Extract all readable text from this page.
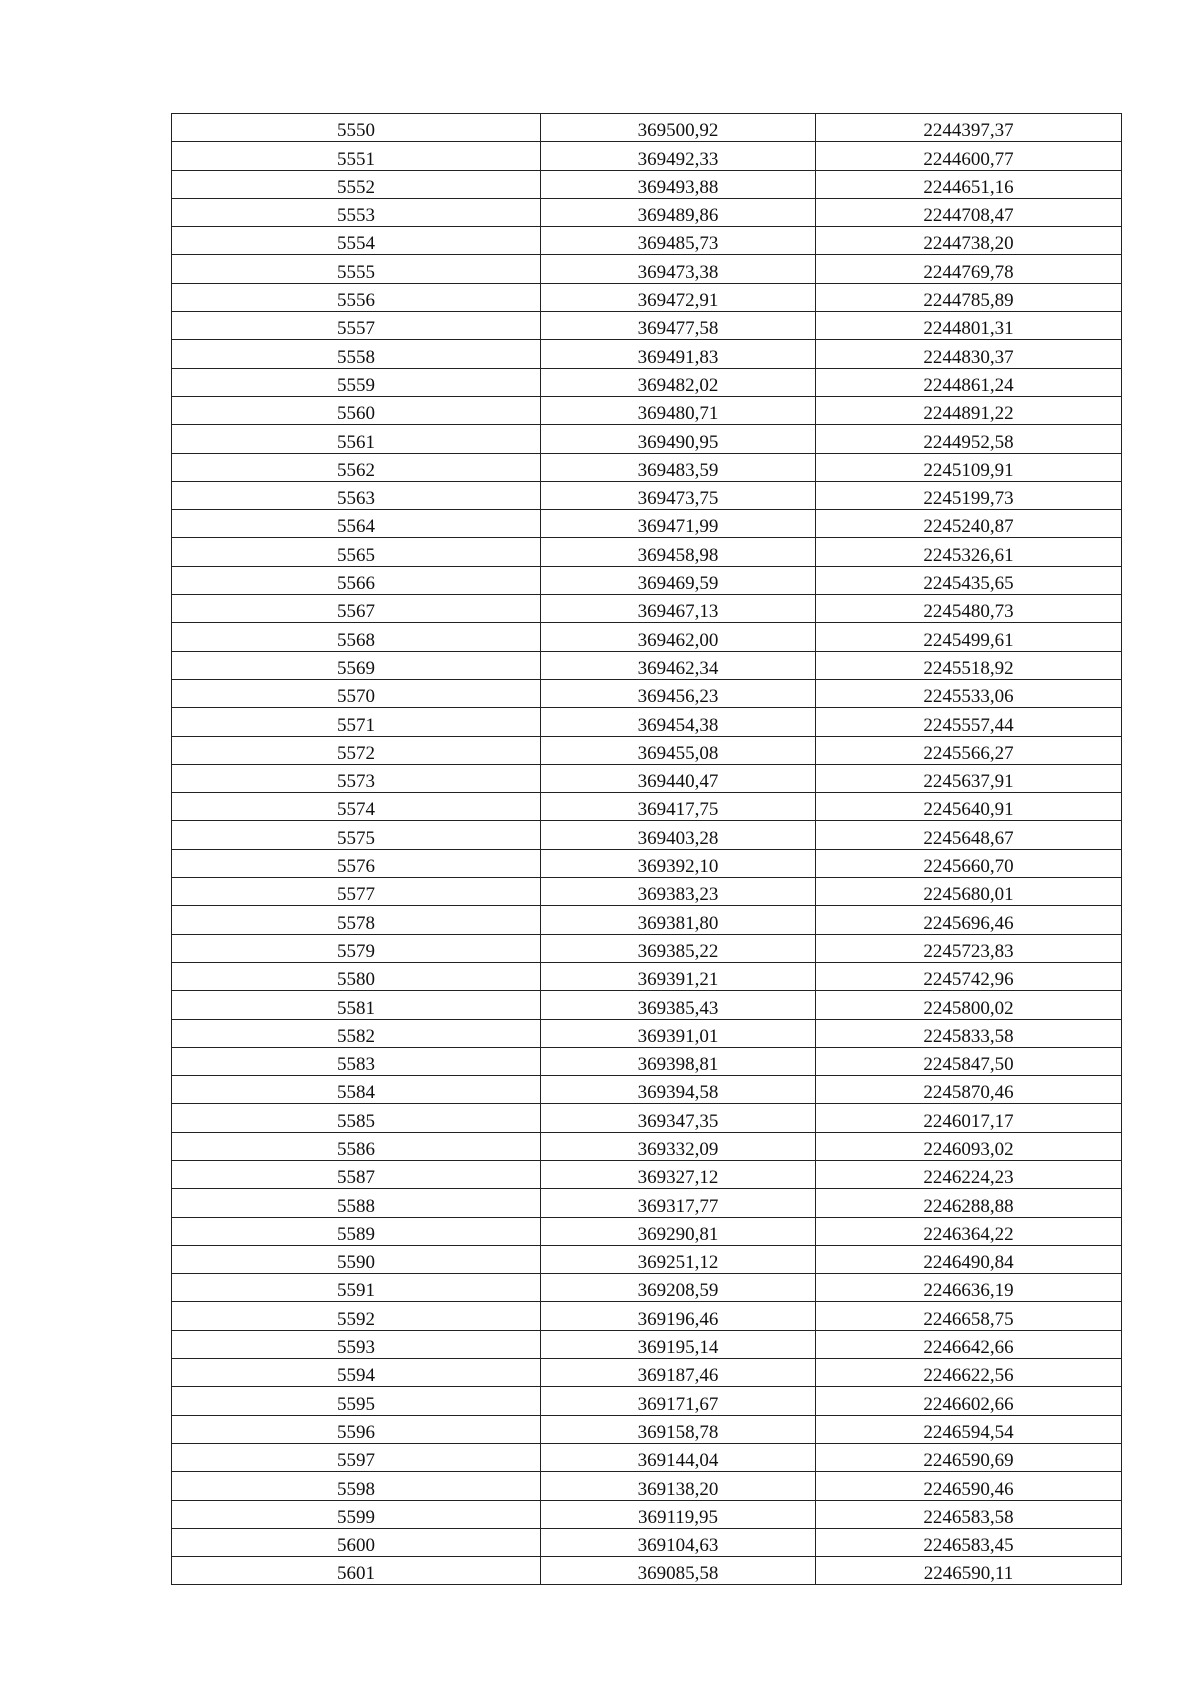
5550	369500,92	2244397,37
5551	369492,33	2244600,77
5552	369493,88	2244651,16
5553	369489,86	2244708,47
5554	369485,73	2244738,20
5555	369473,38	2244769,78
5556	369472,91	2244785,89
5557	369477,58	2244801,31
5558	369491,83	2244830,37
5559	369482,02	2244861,24
5560	369480,71	2244891,22
5561	369490,95	2244952,58
5562	369483,59	2245109,91
5563	369473,75	2245199,73
5564	369471,99	2245240,87
5565	369458,98	2245326,61
5566	369469,59	2245435,65
5567	369467,13	2245480,73
5568	369462,00	2245499,61
5569	369462,34	2245518,92
5570	369456,23	2245533,06
5571	369454,38	2245557,44
5572	369455,08	2245566,27
5573	369440,47	2245637,91
5574	369417,75	2245640,91
5575	369403,28	2245648,67
5576	369392,10	2245660,70
5577	369383,23	2245680,01
5578	369381,80	2245696,46
5579	369385,22	2245723,83
5580	369391,21	2245742,96
5581	369385,43	2245800,02
5582	369391,01	2245833,58
5583	369398,81	2245847,50
5584	369394,58	2245870,46
5585	369347,35	2246017,17
5586	369332,09	2246093,02
5587	369327,12	2246224,23
5588	369317,77	2246288,88
5589	369290,81	2246364,22
5590	369251,12	2246490,84
5591	369208,59	2246636,19
5592	369196,46	2246658,75
5593	369195,14	2246642,66
5594	369187,46	2246622,56
5595	369171,67	2246602,66
5596	369158,78	2246594,54
5597	369144,04	2246590,69
5598	369138,20	2246590,46
5599	369119,95	2246583,58
5600	369104,63	2246583,45
5601	369085,58	2246590,11
